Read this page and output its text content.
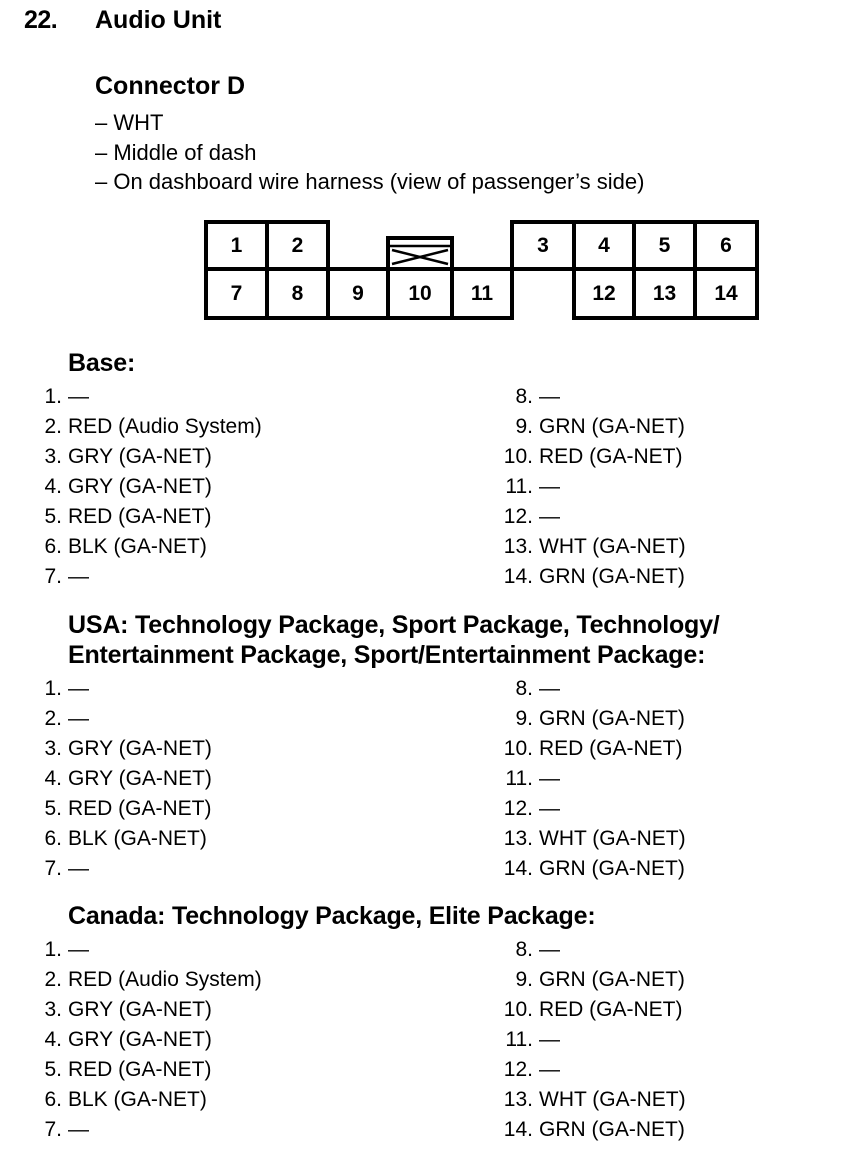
22. Audio Unit
Connector D
– WHT
– Middle of dash
– On dashboard wire harness (view of passenger’s side)
1	2	3	4	5	6
7	8	9	10	11	12	13	14
Base:
1. —
2. RED (Audio System)
3. GRY (GA-NET)
4. GRY (GA-NET)
5. RED (GA-NET)
6. BLK (GA-NET)
7. —
8. —
9. GRN (GA-NET)
10. RED (GA-NET)
11. —
12. —
13. WHT (GA-NET)
14. GRN (GA-NET)
USA: Technology Package, Sport Package, Technology/
Entertainment Package, Sport/Entertainment Package:
1. —
2. —
3. GRY (GA-NET)
4. GRY (GA-NET)
5. RED (GA-NET)
6. BLK (GA-NET)
7. —
8. —
9. GRN (GA-NET)
10. RED (GA-NET)
11. —
12. —
13. WHT (GA-NET)
14. GRN (GA-NET)
Canada: Technology Package, Elite Package:
1. —
2. RED (Audio System)
3. GRY (GA-NET)
4. GRY (GA-NET)
5. RED (GA-NET)
6. BLK (GA-NET)
7. —
8. —
9. GRN (GA-NET)
10. RED (GA-NET)
11. —
12. —
13. WHT (GA-NET)
14. GRN (GA-NET)
